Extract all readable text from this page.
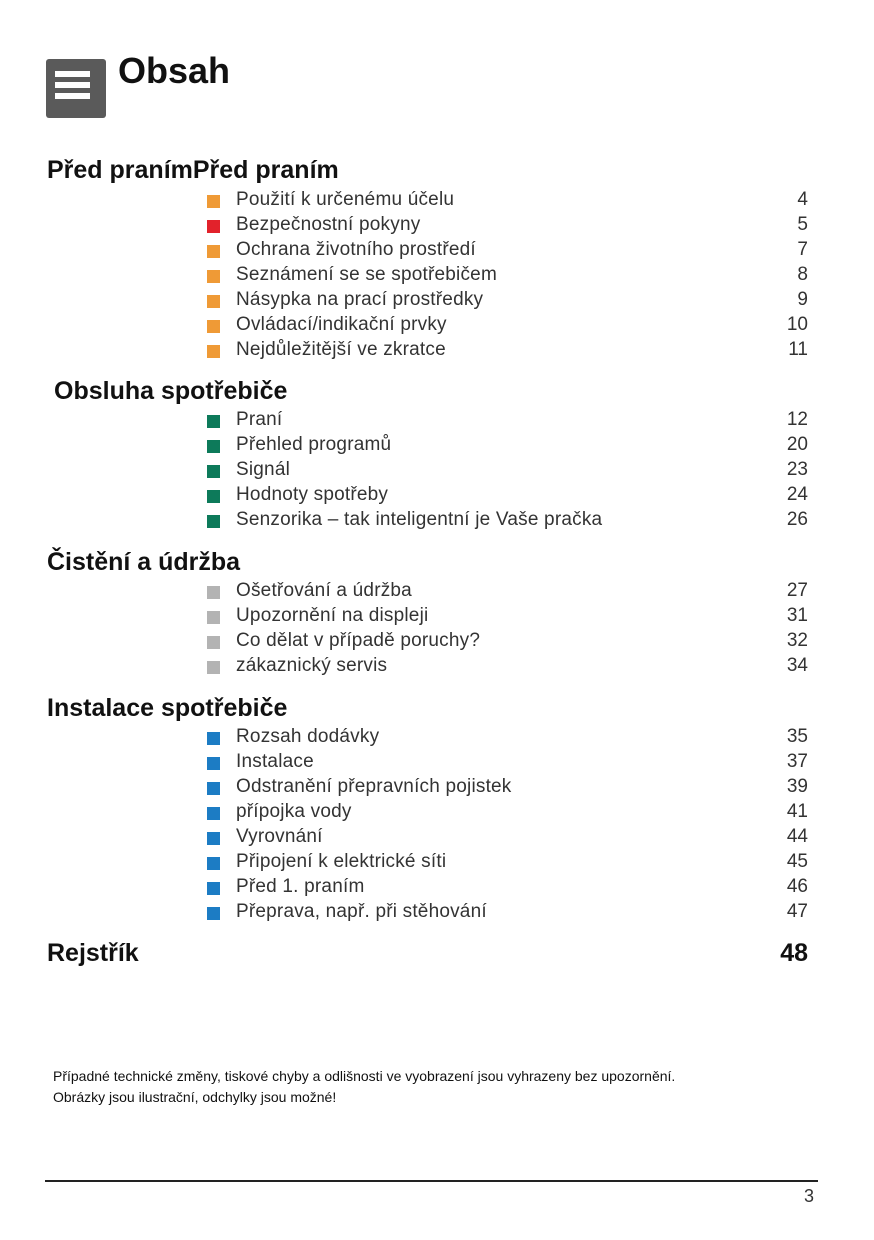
Obsah
Před pranímPřed praním
Použití k určenému účelu	4
Bezpečnostní pokyny	5
Ochrana životního prostředí	7
Seznámení se se spotřebičem	8
Násypka na prací prostředky	9
Ovládací/indikační prvky	10
Nejdůležitější ve zkratce	11
Obsluha spotřebiče
Praní	12
Přehled programů	20
Signál	23
Hodnoty spotřeby	24
Senzorika – tak inteligentní je Vaše pračka	26
Čistění a údržba
Ošetřování a údržba	27
Upozornění na displeji	31
Co dělat v případě poruchy?	32
zákaznický servis	34
Instalace spotřebiče
Rozsah dodávky	35
Instalace	37
Odstranění přepravních pojistek	39
přípojka vody	41
Vyrovnání	44
Připojení k elektrické síti	45
Před 1. praním	46
Přeprava, např. při stěhování	47
Rejstřík	48
Případné technické změny, tiskové chyby a odlišnosti ve vyobrazení jsou vyhrazeny bez upozornění.
Obrázky jsou ilustrační, odchylky jsou možné!
3
